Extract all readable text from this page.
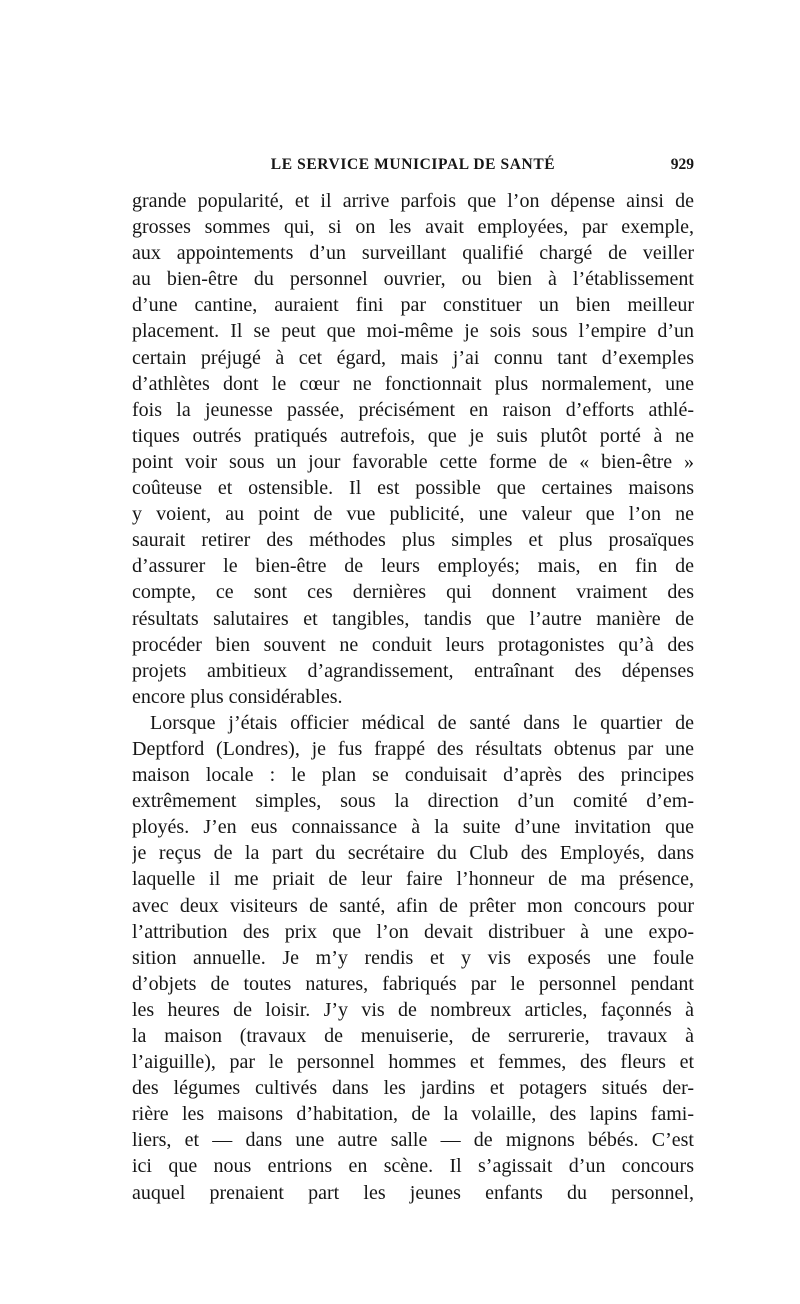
LE SERVICE MUNICIPAL DE SANTÉ	929
grande popularité, et il arrive parfois que l’on dépense ainsi de
grosses sommes qui, si on les avait employées, par exemple,
aux appointements d’un surveillant qualifié chargé de veiller
au bien-être du personnel ouvrier, ou bien à l’établissement
d’une cantine, auraient fini par constituer un bien meilleur
placement. Il se peut que moi-même je sois sous l’empire d’un
certain préjugé à cet égard, mais j’ai connu tant d’exemples
d’athlètes dont le cœur ne fonctionnait plus normalement, une
fois la jeunesse passée, précisément en raison d’efforts athlé-
tiques outrés pratiqués autrefois, que je suis plutôt porté à ne
point voir sous un jour favorable cette forme de « bien-être »
coûteuse et ostensible. Il est possible que certaines maisons
y voient, au point de vue publicité, une valeur que l’on ne
saurait retirer des méthodes plus simples et plus prosaïques
d’assurer le bien-être de leurs employés; mais, en fin de
compte, ce sont ces dernières qui donnent vraiment des
résultats salutaires et tangibles, tandis que l’autre manière de
procéder bien souvent ne conduit leurs protagonistes qu’à des
projets ambitieux d’agrandissement, entraînant des dépenses
encore plus considérables.
Lorsque j’étais officier médical de santé dans le quartier de
Deptford (Londres), je fus frappé des résultats obtenus par une
maison locale : le plan se conduisait d’après des principes
extrêmement simples, sous la direction d’un comité d’em-
ployés. J’en eus connaissance à la suite d’une invitation que
je reçus de la part du secrétaire du Club des Employés, dans
laquelle il me priait de leur faire l’honneur de ma présence,
avec deux visiteurs de santé, afin de prêter mon concours pour
l’attribution des prix que l’on devait distribuer à une expo-
sition annuelle. Je m’y rendis et y vis exposés une foule
d’objets de toutes natures, fabriqués par le personnel pendant
les heures de loisir. J’y vis de nombreux articles, façonnés à
la maison (travaux de menuiserie, de serrurerie, travaux à
l’aiguille), par le personnel hommes et femmes, des fleurs et
des légumes cultivés dans les jardins et potagers situés der-
rière les maisons d’habitation, de la volaille, des lapins fami-
liers, et — dans une autre salle — de mignons bébés. C’est
ici que nous entrions en scène. Il s’agissait d’un concours
auquel prenaient part les jeunes enfants du personnel,
